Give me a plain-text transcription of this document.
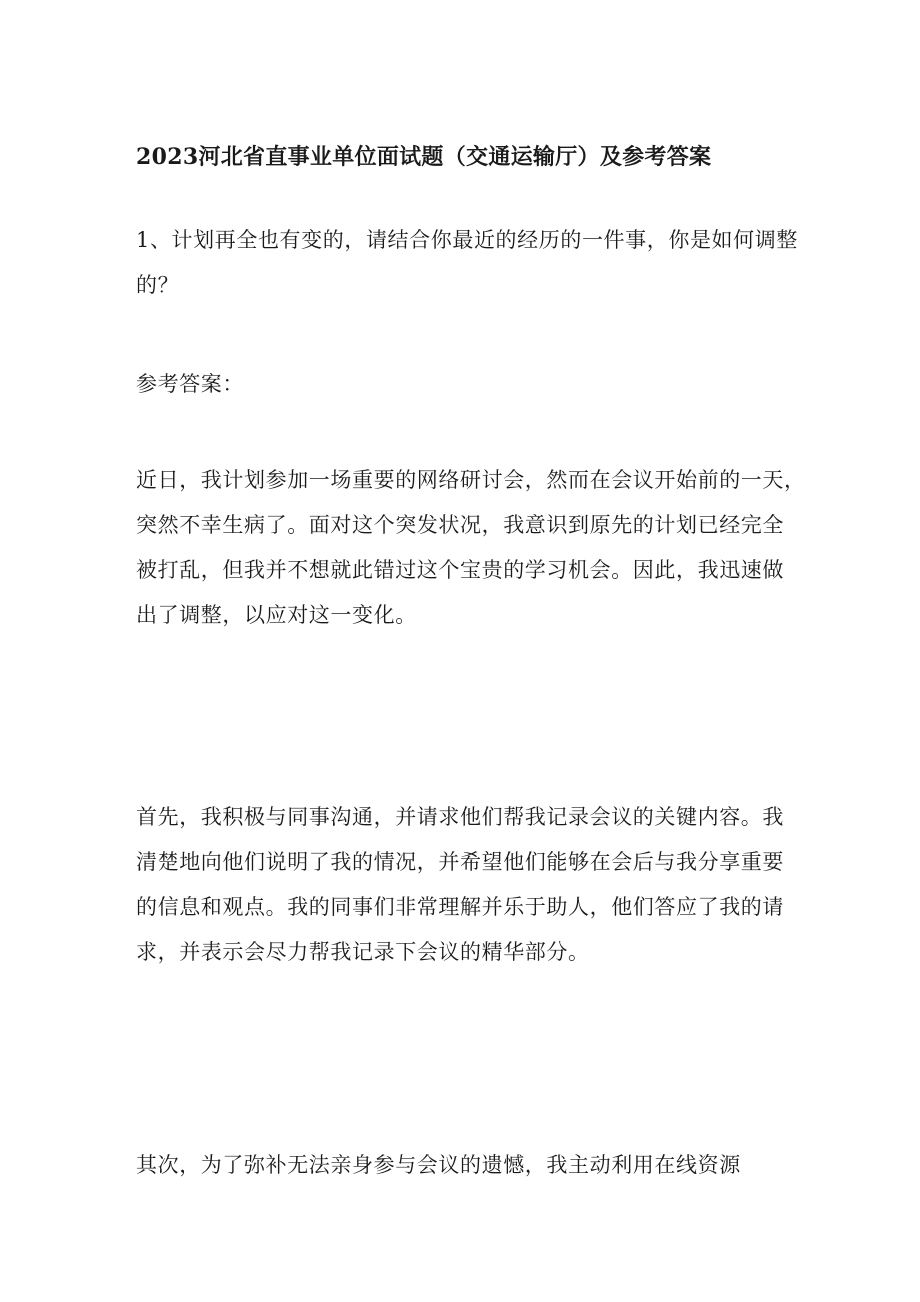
2023河北省直事业单位面试题（交通运输厅）及参考答案
1、计划再全也有变的，请结合你最近的经历的一件事，你是如何调整
的？
参考答案：
近日，我计划参加一场重要的网络研讨会，然而在会议开始前的一天，
突然不幸生病了。面对这个突发状况，我意识到原先的计划已经完全
被打乱，但我并不想就此错过这个宝贵的学习机会。因此，我迅速做
出了调整，以应对这一变化。
首先，我积极与同事沟通，并请求他们帮我记录会议的关键内容。我
清楚地向他们说明了我的情况，并希望他们能够在会后与我分享重要
的信息和观点。我的同事们非常理解并乐于助人，他们答应了我的请
求，并表示会尽力帮我记录下会议的精华部分。
其次，为了弥补无法亲身参与会议的遗憾，我主动利用在线资源
